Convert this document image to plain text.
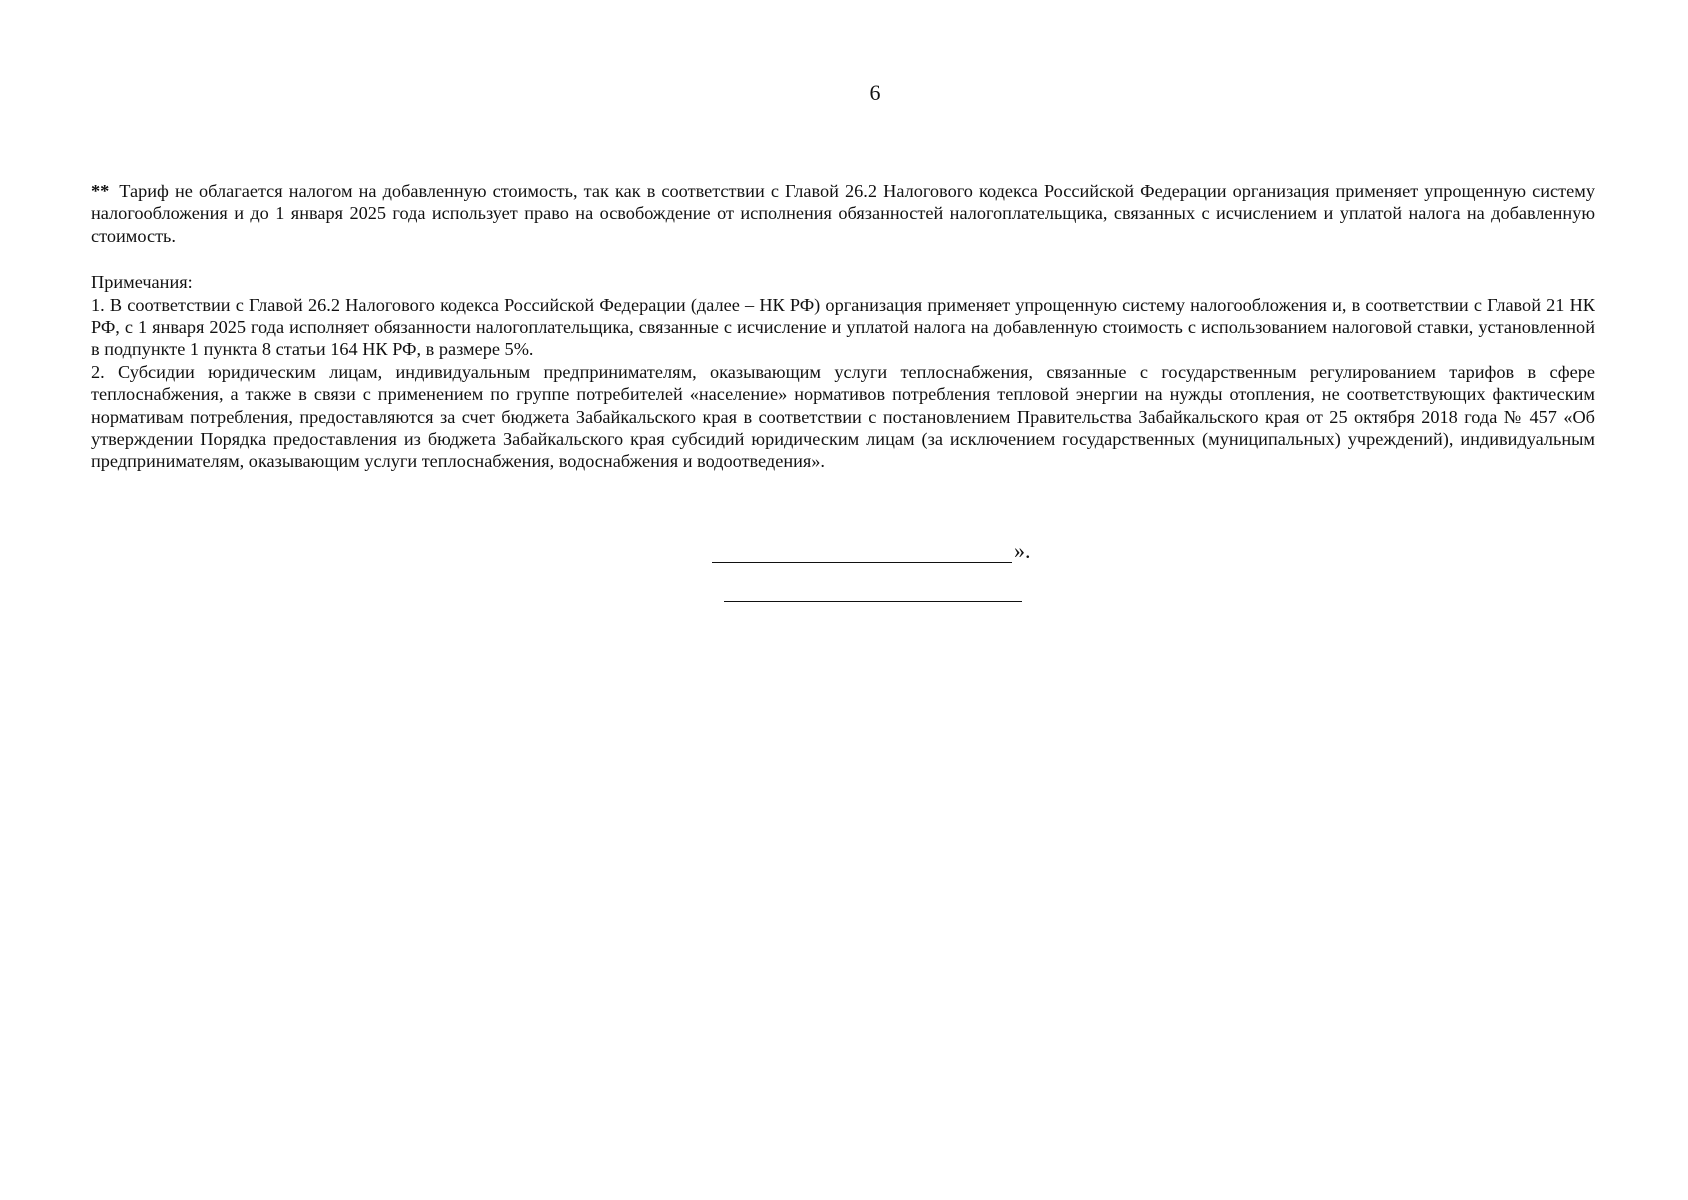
6

** Тариф не облагается налогом на добавленную стоимость, так как в соответствии с Главой 26.2 Налогового кодекса Российской Федерации организация применяет упрощенную систему налогообложения и до 1 января 2025 года использует право на освобождение от исполнения обязанностей налогоплательщика, связанных с исчислением и уплатой налога на добавленную стоимость.

Примечания:

1. В соответствии с Главой 26.2 Налогового кодекса Российской Федерации (далее – НК РФ) организация применяет упрощенную систему налогообложения и, в соответствии с Главой 21 НК РФ, с 1 января 2025 года исполняет обязанности налогоплательщика, связанные с исчисление и уплатой налога на добавленную стоимость с использованием налоговой ставки, установленной в подпункте 1 пункта 8 статьи 164 НК РФ, в размере 5%.

2. Субсидии юридическим лицам, индивидуальным предпринимателям, оказывающим услуги теплоснабжения, связанные с государственным регулированием тарифов в сфере теплоснабжения, а также в связи с применением по группе потребителей «население» нормативов потребления тепловой энергии на нужды отопления, не соответствующих фактическим нормативам потребления, предоставляются за счет бюджета Забайкальского края в соответствии с постановлением Правительства Забайкальского края от 25 октября 2018 года № 457 «Об утверждении Порядка предоставления из бюджета Забайкальского края субсидий юридическим лицам (за исключением государственных (муниципальных) учреждений), индивидуальным предпринимателям, оказывающим услуги теплоснабжения, водоснабжения и водоотведения».

».
